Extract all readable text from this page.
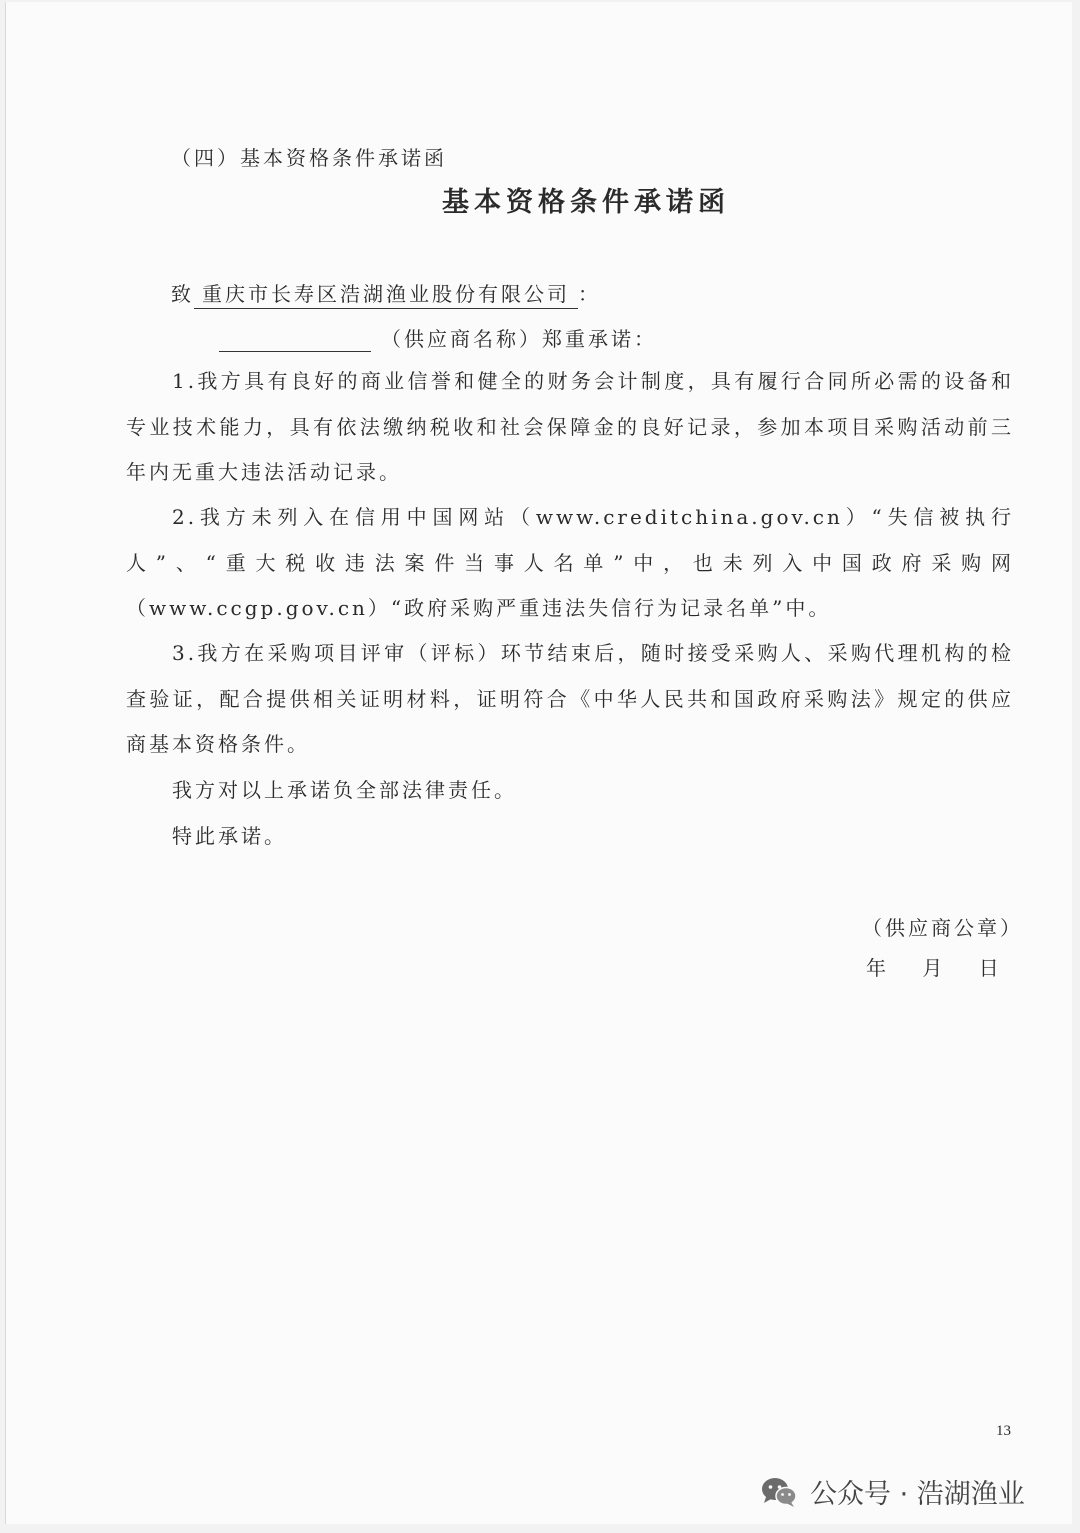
（四）基本资格条件承诺函
基本资格条件承诺函
致 重庆市长寿区浩湖渔业股份有限公司 ：
（供应商名称）郑重承诺：

1.我方具有良好的商业信誉和健全的财务会计制度，具有履行合同所必需的设备和专业技术能力，具有依法缴纳税收和社会保障金的良好记录，参加本项目采购活动前三年内无重大违法活动记录。

2.我方未列入在信用中国网站（www.creditchina.gov.cn）“失信被执行人”、“重大税收违法案件当事人名单”中，也未列入中国政府采购网（www.ccgp.gov.cn）“政府采购严重违法失信行为记录名单”中。

3.我方在采购项目评审（评标）环节结束后，随时接受采购人、采购代理机构的检查验证，配合提供相关证明材料，证明符合《中华人民共和国政府采购法》规定的供应商基本资格条件。

我方对以上承诺负全部法律责任。

特此承诺。

（供应商公章）
年 月 日
13
公众号 · 浩湖渔业
